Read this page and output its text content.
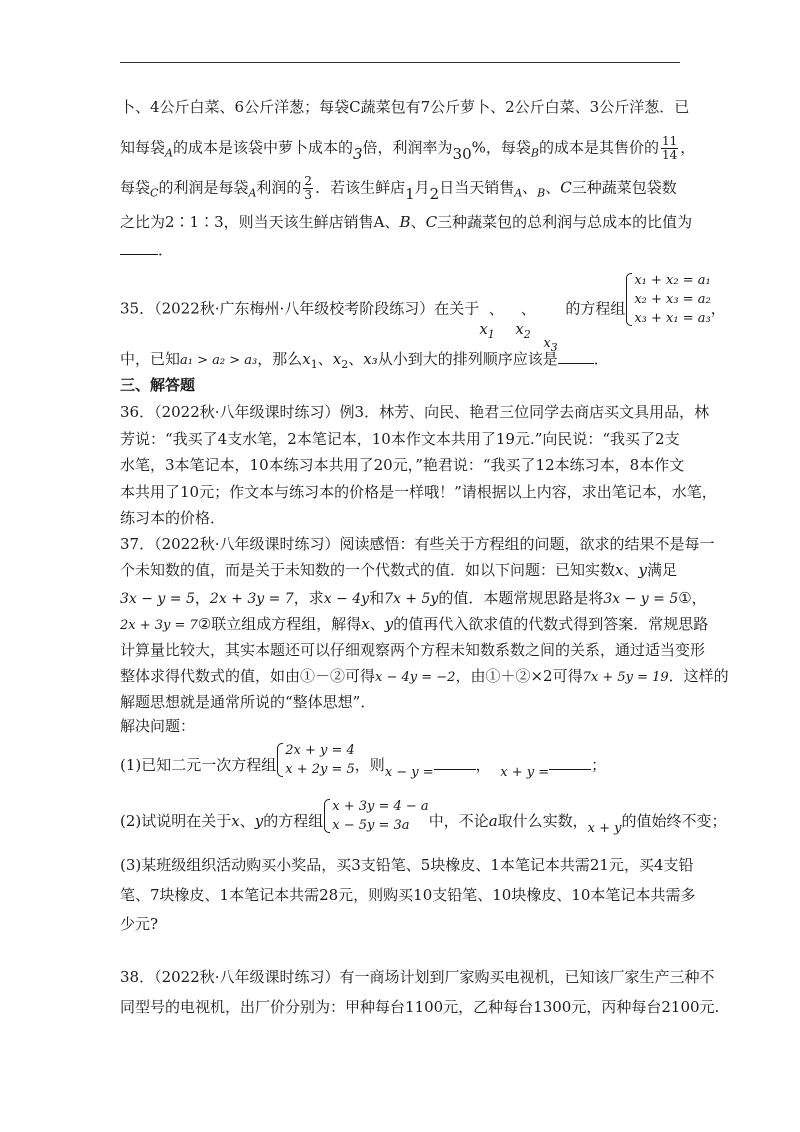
卜、4公斤白菜、6公斤洋葱；每袋C蔬菜包有7公斤萝卜、2公斤白菜、3公斤洋葱．已
知每袋$_A$的成本是该袋中萝卜成本的3倍，利润率为30%，每袋$_B$的成本是其售价的 $\frac{11}{14}$ ，
每袋$_C$的利润是每袋$_A$利润的 $\frac{2}{3}$ ．若该生鲜店1月2日当天销售$_A$、$_B$、C三种蔬菜包袋数
之比为2∶1∶3，则当天该生鲜店销售A、B、C三种蔬菜包的总利润与总成本的比值为
．
35．（2022秋·广东梅州·八年级校考阶段练习）在关于 、
$x_1$
、
$x_2$
$x_3$
的方程组
x₁ + x₂ = a₁
x₂ + x₃ = a₂
x₃ + x₁ = a₃
，
中，已知a₁ > a₂ > a₃，那么$x_1$、$x_2$、x₃从小到大的排列顺序应该是 ．
三、解答题
36．（2022秋·八年级课时练习）例3．林芳、向民、艳君三位同学去商店买文具用品，林
芳说：“我买了4支水笔，2本笔记本，10本作文本共用了19元.”向民说：“我买了2支
水笔，3本笔记本，10本练习本共用了20元，”艳君说：“我买了12本练习本，8本作文
本共用了10元；作文本与练习本的价格是一样哦！”请根据以上内容，求出笔记本，水笔，
练习本的价格．
37．（2022秋·八年级课时练习）阅读感悟：有些关于方程组的问题，欲求的结果不是每一
个未知数的值，而是关于未知数的一个代数式的值．如以下问题：已知实数x、y满足
3x − y = 5，2x + 3y = 7，求x − 4y和7x + 5y的值．本题常规思路是将3x − y = 5①，
2x + 3y = 7②联立组成方程组，解得x、y的值再代入欲求值的代数式得到答案．常规思路
计算量比较大，其实本题还可以仔细观察两个方程未知数系数之间的关系，通过适当变形
整体求得代数式的值，如由①－②可得x − 4y = −2，由①＋②×2可得7x + 5y = 19．这样的
解题思想就是通常所说的“整体思想”．
解决问题：
(1)已知二元一次方程组
2x + y = 4
x + 2y = 5 ，则x − y =	， x + y =	；
(2)试说明在关于x、y的方程组
x + 3y = 4 − a
x − 5y = 3a	中，不论a取什么实数，x + y的值始终不变；
(3)某班级组织活动购买小奖品，买3支铅笔、5块橡皮、1本笔记本共需21元，买4支铅
笔、7块橡皮、1本笔记本共需28元，则购买10支铅笔、10块橡皮、10本笔记本共需多
少元?
38．（2022秋·八年级课时练习）有一商场计划到厂家购买电视机，已知该厂家生产三种不
同型号的电视机，出厂价分别为：甲种每台1100元，乙种每台1300元，丙种每台2100元.
